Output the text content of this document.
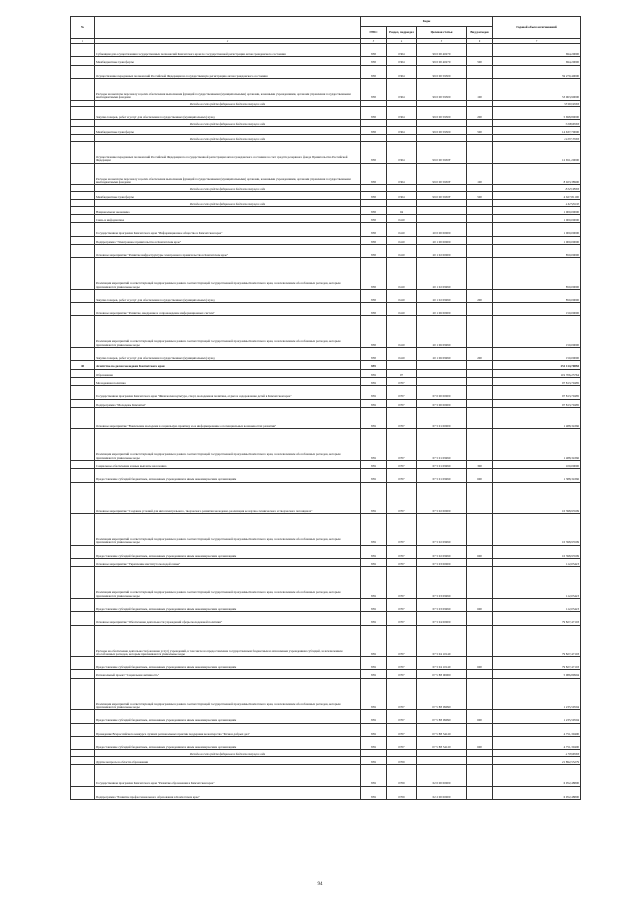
№		Коды				Годовой объем ассигнований
		ГРБС	Раздел, подраздел	Целевая статья	Вид расходов	
1	2	3	4	5	6	7
	Субвенции для осуществления государственных полномочий Камчатского края по государственной регистрации актов гражданского состояния	858	0304	99 0 00 40270		694,20000
	Межбюджетные трансферты	858	0304	99 0 00 40270	500	694,20000
	Осуществление переданных полномочий Российской Федерации на государственную регистрацию актов гражданского состояния	858	0304	99 0 00 59300		59 270,40000
	Расходы на выплаты персоналу в целях обеспечения выполнения функций государственными (муниципальными) органами, казенными учреждениями, органами управления государственными внебюджетными фондами	858	0304	99 0 00 59300	100	53 963,90000
	Расходы за счет средств федерального бюджета текущего года					53 963,90000
	Закупка товаров, работ и услуг для обеспечения государственных (муниципальных) нужд	858	0304	99 0 00 59300	200	5 698,80000
	Расходы за счет средств федерального бюджета текущего года					5 698,80000
	Межбюджетные трансферты	858	0304	99 0 00 59300	500	14 637,70000
	Расходы за счет средств федерального бюджета текущего года					14 637,70000
	Осуществление переданных полномочий Российской Федерации по государственной регистрации актов гражданского состояния за счет средств резервного фонда Правительства Российской Федерации	858	0304	99 0 00 5930F		12 651,20000
	Расходы на выплаты персоналу в целях обеспечения выполнения функций государственными (муниципальными) органами, казенными учреждениями, органами управления государственными внебюджетными фондами	858	0304	99 0 00 5930F	100	8 023,38900
	Расходы за счет средств федерального бюджета текущего года					8 023,38900
	Межбюджетные трансферты	858	0304	99 0 00 5930F	500	4 627,81100
	Расходы за счет средств федерального бюджета текущего года					4 627,81100
	Национальная экономика	858	04			1 000,00000
	Связь и информатика	858	0410			1 000,00000
	Государственная программа Камчатского края "Информационное общество в Камчатском крае"	858	0410	20 0 00 00000		1 000,00000
	Подпрограмма "Электронное правительство в Камчатском крае"	858	0410	20 1 00 00000		1 000,00000
	Основное мероприятие "Развитие инфраструктуры электронного правительства в Камчатском крае"	858	0410	20 1 02 00000		850,00000
	Реализация мероприятий соответствующей подпрограммы в рамках соответствующей государственной программы Камчатского края, за исключением обособленных расходов, которым присваиваются уникальные коды	858	0410	20 1 02 09990		850,00000
	Закупка товаров, работ и услуг для обеспечения государственных (муниципальных) нужд	858	0410	20 1 02 09990	200	850,00000
	Основное мероприятие "Развитие, внедрение и сопровождение информационных систем"	858	0410	20 1 06 00000		150,00000
	Реализация мероприятий соответствующей подпрограммы в рамках соответствующей государственной программы Камчатского края, за исключением обособленных расходов, которым присваиваются уникальные коды	858	0410	20 1 06 09990		150,00000
	Закупка товаров, работ и услуг для обеспечения государственных (муниципальных) нужд	858	0410	20 1 06 09990	200	150,00000
40	Агентство по делам молодежи Камчатского края	859				251 114,70850
	Образование	859	07			119 706,25764
	Молодежная политика	859	0707			97 813,70485
	Государственная программа Камчатского края "Физическая культура, спорт, молодежная политика, отдых и оздоровление детей в Камчатском крае"	859	0707	07 0 00 00000		97 813,70485
	Подпрограмма "Молодежь Камчатки"	859	0707	07 5 00 00000		97 813,70485
	Основное мероприятие "Вовлечение молодежи в социальную практику и ее информирование о потенциальных возможностях развития"	859	0707	07 5 01 00000		1 488,34366
	Реализация мероприятий соответствующей подпрограммы в рамках соответствующей государственной программы Камчатского края, за исключением обособленных расходов, которым присваиваются уникальные коды	859	0707	07 5 01 09990		1 488,34366
	Социальное обеспечение и иные выплаты населению	859	0707	07 5 01 09990	300	100,00000
	Предоставление субсидий бюджетным, автономным учреждениям и иным некоммерческим организациям	859	0707	07 5 01 09990	600	1 388,34366
	Основное мероприятие "Создание условий для интеллектуального, творческого развития молодежи, реализация ее научно-технического и творческого потенциала"	859	0707	07 5 02 00000		10 398,93599
	Реализация мероприятий соответствующей подпрограммы в рамках соответствующей государственной программы Камчатского края, за исключением обособленных расходов, которым присваиваются уникальные коды	859	0707	07 5 02 09990		10 398,93599
	Предоставление субсидий бюджетным, автономным учреждениям и иным некоммерческим организациям	859	0707	07 5 02 09990	600	10 398,93599
	Основное мероприятие "Укрепление института молодой семьи"	859	0707	07 5 03 00000		112,05423
	Реализация мероприятий соответствующей подпрограммы в рамках соответствующей государственной программы Камчатского края, за исключением обособленных расходов, которым присваиваются уникальные коды	859	0707	07 5 03 09990		112,05423
	Предоставление субсидий бюджетным, автономным учреждениям и иным некоммерческим организациям	859	0707	07 5 03 09990	600	112,05423
	Основное мероприятие "Обеспечение деятельности учреждений сферы молодежной политики"	859	0707	07 5 04 00000		79 827,47103
	Расходы на обеспечение деятельности (оказание услуг) учреждений, в том числе на предоставление государственным бюджетным и автономным учреждениям субсидий, за исключением обособленных расходов, которым присваиваются уникальные коды	859	0707	07 5 04 10140		79 827,47103
	Предоставление субсидий бюджетным, автономным учреждениям и иным некоммерческим организациям	859	0707	07 5 04 10140	600	79 827,47103
	Региональный проект "Социальная активность"	859	0707	07 5 E8 00000		5 986,89994
	Реализация мероприятий соответствующей подпрограммы в рамках соответствующей государственной программы Камчатского края, за исключением обособленных расходов, которым присваиваются уникальные коды	859	0707	07 5 E8 09990		1 235,59594
	Предоставление субсидий бюджетным, автономным учреждениям и иным некоммерческим организациям	859	0707	07 5 E8 09990	600	1 235,59594
	Проведение Всероссийского конкурса лучших региональных практик поддержки волонтерства "Регион добрых дел"	859	0707	07 5 E8 54120		4 751,30400
	Предоставление субсидий бюджетным, автономным учреждениям и иным некоммерческим организациям	859	0707	07 5 E8 54120	600	4 751,30400
	Расходы за счет средств федерального бюджета текущего года					4 703,80000
	Другие вопросы в области образования	859	0709			21 892,55279
	Государственная программа Камчатского края "Развитие образования в Камчатском крае"	859	0709	02 0 00 00000		6 952,48800
	Подпрограмма "Развитие профессионального образования в Камчатском крае"	859	0709	02 2 00 00000		6 952,48800
94
